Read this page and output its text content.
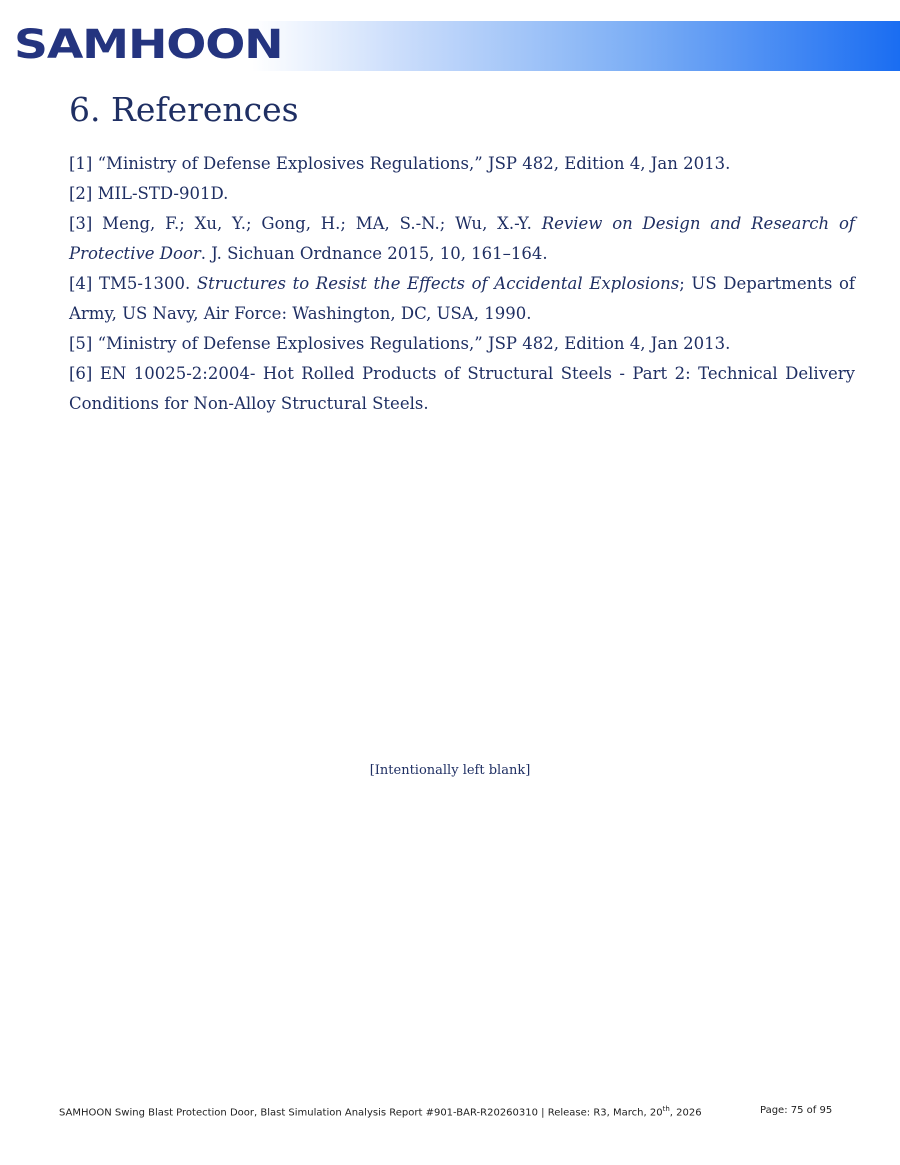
SAMHOON
6. References

[1] “Ministry of Defense Explosives Regulations,” JSP 482, Edition 4, Jan 2013.

[2] MIL-STD-901D.

[3] Meng, F.; Xu, Y.; Gong, H.; MA, S.-N.; Wu, X.-Y. Review on Design and Research of Protective Door. J. Sichuan Ordnance 2015, 10, 161–164.

[4] TM5-1300. Structures to Resist the Effects of Accidental Explosions; US Departments of Army, US Navy, Air Force: Washington, DC, USA, 1990.

[5] “Ministry of Defense Explosives Regulations,” JSP 482, Edition 4, Jan 2013.

[6] EN 10025-2:2004- Hot Rolled Products of Structural Steels - Part 2: Technical Delivery Conditions for Non-Alloy Structural Steels.

[Intentionally left blank]
SAMHOON Swing Blast Protection Door, Blast Simulation Analysis Report #901-BAR-R20260310 | Release: R3, March, 20th, 2026	Page: 75 of 95
